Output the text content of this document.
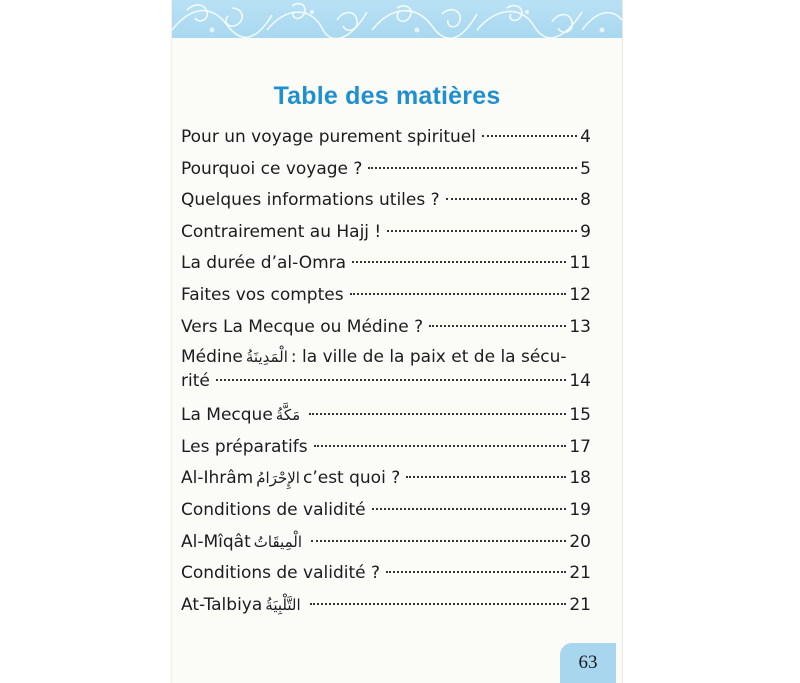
Table des matières
Pour un voyage purement spirituel	4
Pourquoi ce voyage ?	5
Quelques informations utiles ?	8
Contrairement au Hajj !	9
La durée d’al-Omra	11
Faites vos comptes	12
Vers La Mecque ou Médine ?	13
Médine الْمَدِينَةُ : la ville de la paix et de la sécu-
rité	14
La Mecque مَكَّةُ	15
Les préparatifs	17
Al-Ihrâm الإِحْرَامُ c’est quoi ?	18
Conditions de validité	19
Al-Mîqât الْمِيقَاتُ	20
Conditions de validité ?	21
At-Talbiya التَّلْبِيَةُ	21
63
